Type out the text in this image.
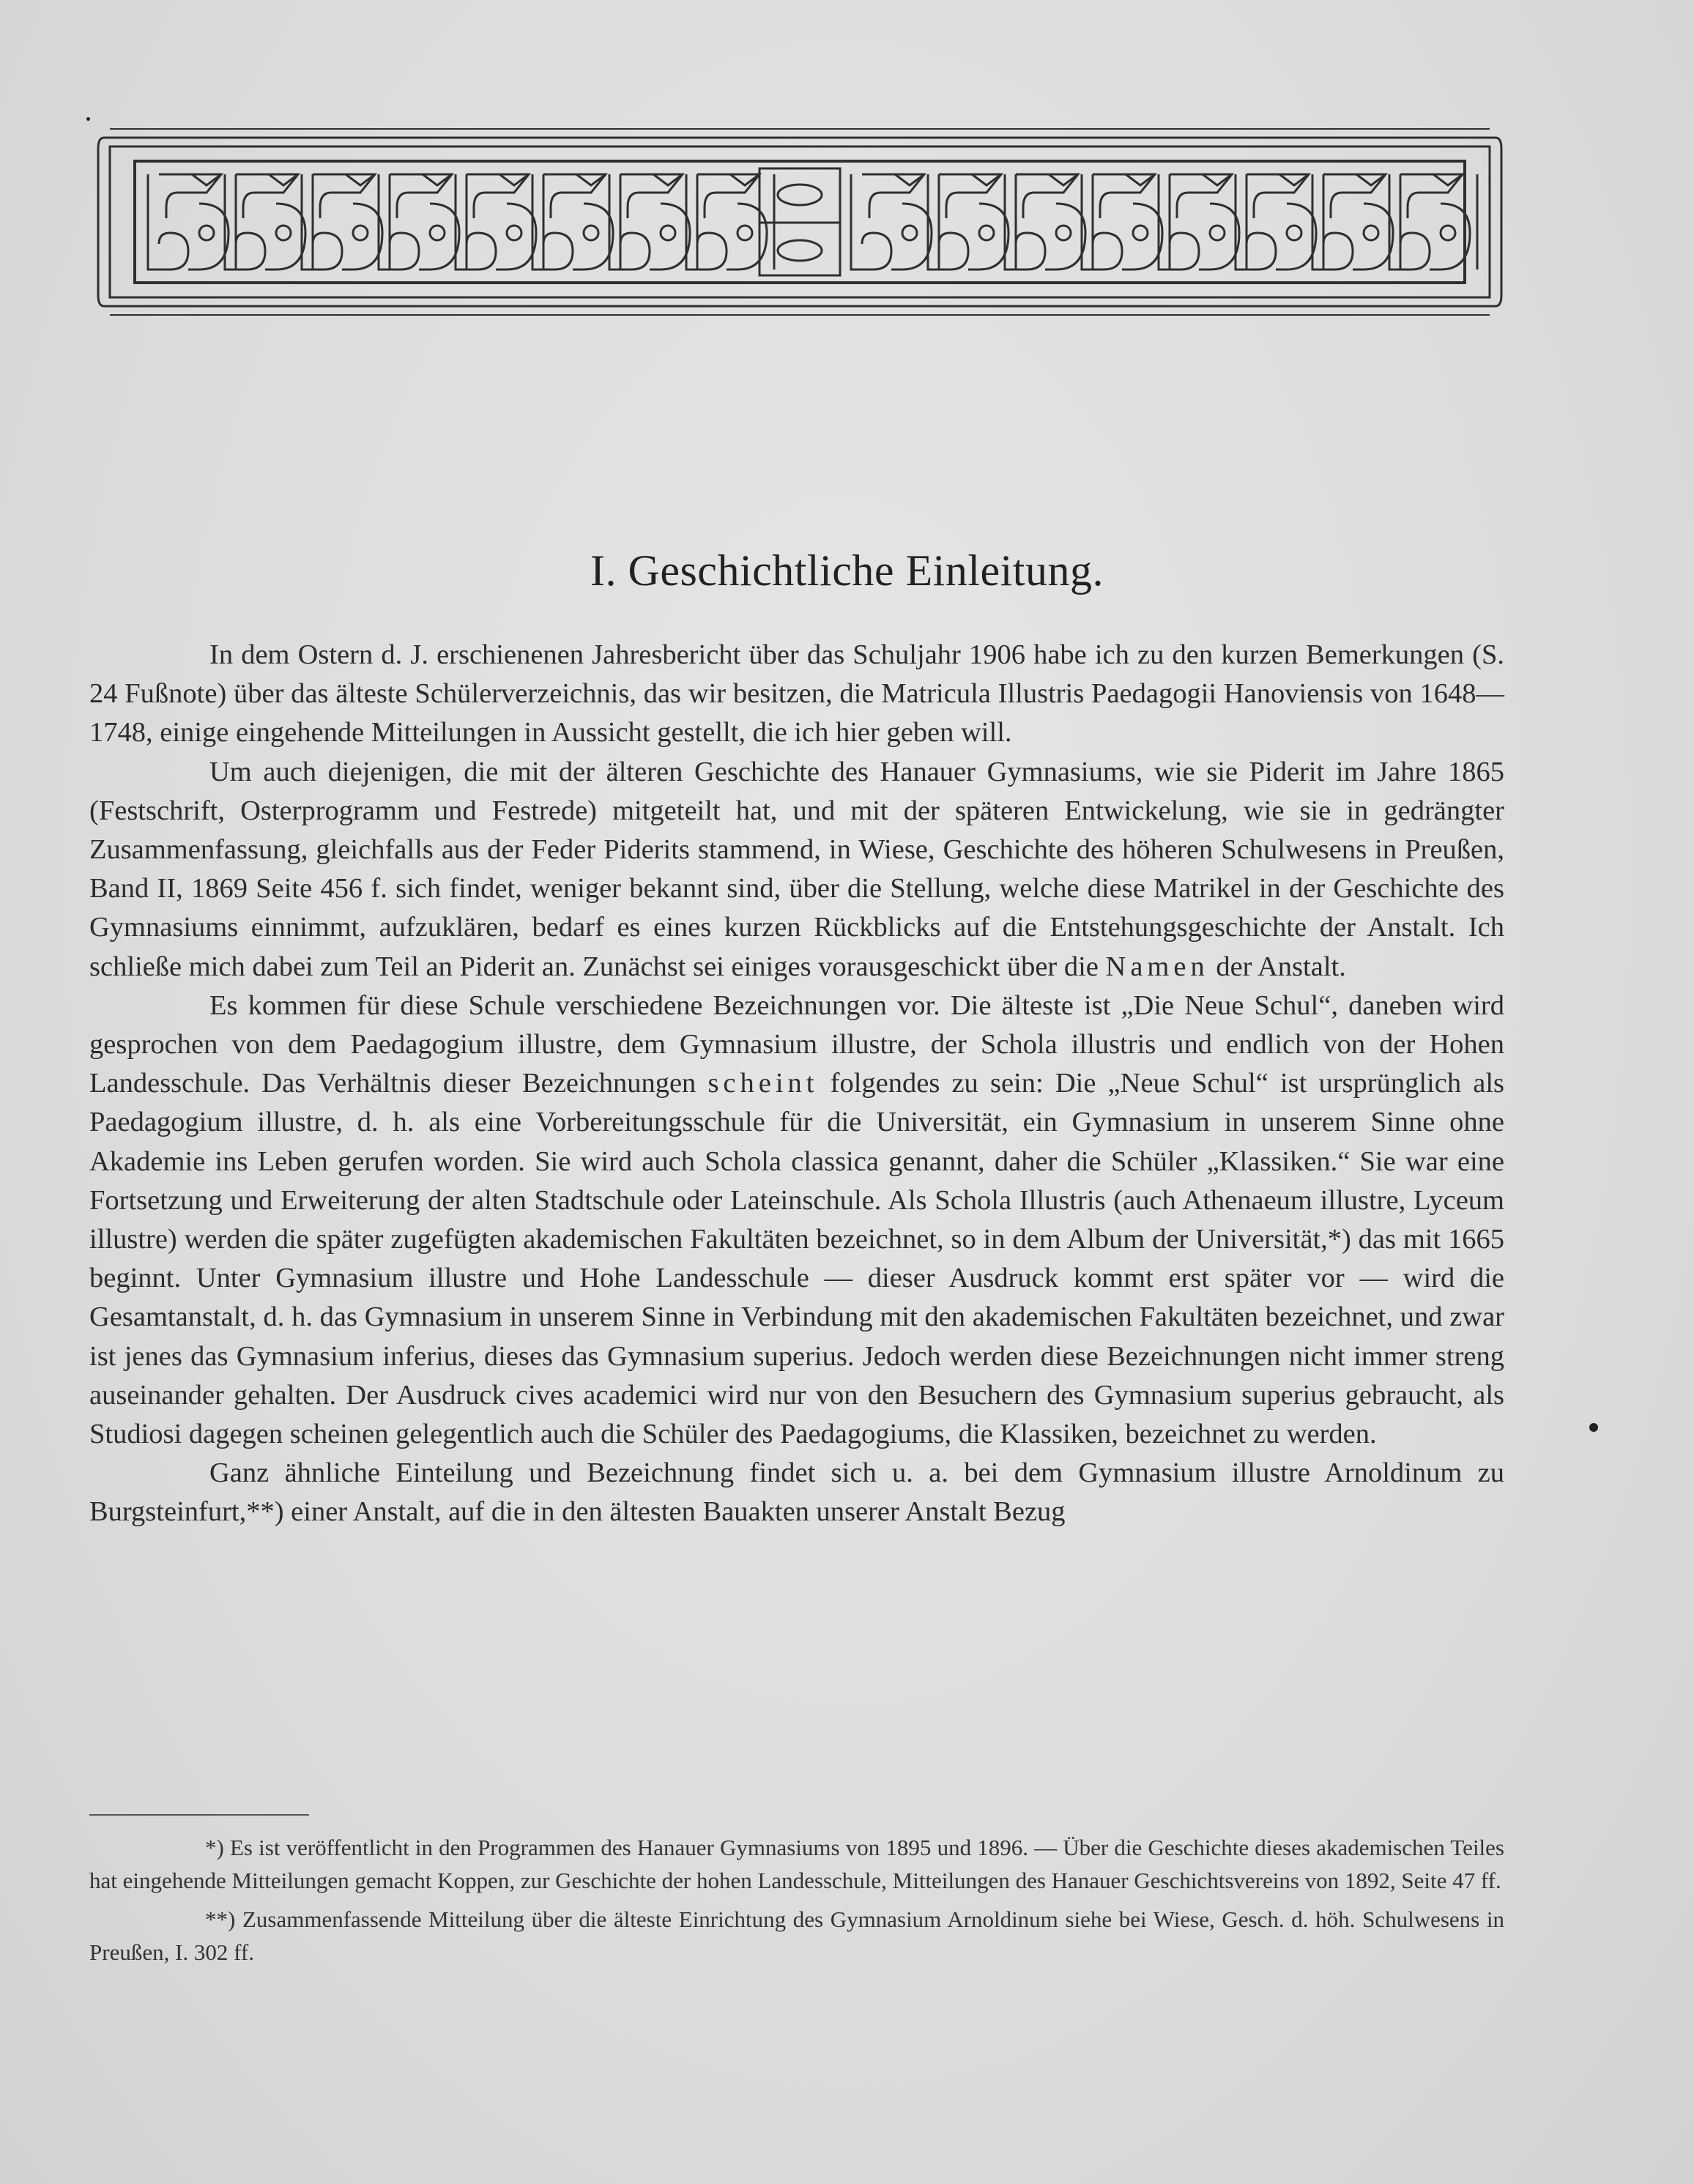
I. Geschichtliche Einleitung.

In dem Ostern d. J. erschienenen Jahresbericht über das Schuljahr 1906 habe ich zu den kurzen Bemerkungen (S. 24 Fußnote) über das älteste Schülerverzeichnis, das wir besitzen, die Matricula Illustris Paedagogii Hanoviensis von 1648—1748, einige eingehende Mitteilungen in Aussicht gestellt, die ich hier geben will.

Um auch diejenigen, die mit der älteren Geschichte des Hanauer Gymnasiums, wie sie Piderit im Jahre 1865 (Festschrift, Osterprogramm und Festrede) mitgeteilt hat, und mit der späteren Entwickelung, wie sie in gedrängter Zusammenfassung, gleichfalls aus der Feder Piderits stammend, in Wiese, Geschichte des höheren Schulwesens in Preußen, Band II, 1869 Seite 456 f. sich findet, weniger bekannt sind, über die Stellung, welche diese Matrikel in der Geschichte des Gymnasiums einnimmt, aufzuklären, bedarf es eines kurzen Rückblicks auf die Entstehungsgeschichte der Anstalt. Ich schließe mich dabei zum Teil an Piderit an. Zunächst sei einiges vorausgeschickt über die Namen der Anstalt.

Es kommen für diese Schule verschiedene Bezeichnungen vor. Die älteste ist „Die Neue Schul“, daneben wird gesprochen von dem Paedagogium illustre, dem Gymnasium illustre, der Schola illustris und endlich von der Hohen Landesschule. Das Verhältnis dieser Bezeichnungen scheint folgendes zu sein: Die „Neue Schul“ ist ursprünglich als Paedagogium illustre, d. h. als eine Vorbereitungsschule für die Universität, ein Gymnasium in unserem Sinne ohne Akademie ins Leben gerufen worden. Sie wird auch Schola classica genannt, daher die Schüler „Klassiken.“ Sie war eine Fortsetzung und Erweiterung der alten Stadtschule oder Lateinschule. Als Schola Illustris (auch Athenaeum illustre, Lyceum illustre) werden die später zugefügten akademischen Fakultäten bezeichnet, so in dem Album der Universität,*) das mit 1665 beginnt. Unter Gymnasium illustre und Hohe Landesschule — dieser Ausdruck kommt erst später vor — wird die Gesamtanstalt, d. h. das Gymnasium in unserem Sinne in Verbindung mit den akademischen Fakultäten bezeichnet, und zwar ist jenes das Gymnasium inferius, dieses das Gymnasium superius. Jedoch werden diese Bezeichnungen nicht immer streng auseinander gehalten. Der Ausdruck cives academici wird nur von den Besuchern des Gymnasium superius gebraucht, als Studiosi dagegen scheinen gelegentlich auch die Schüler des Paedagogiums, die Klassiken, bezeichnet zu werden.

Ganz ähnliche Einteilung und Bezeichnung findet sich u. a. bei dem Gymnasium illustre Arnoldinum zu Burgsteinfurt,**) einer Anstalt, auf die in den ältesten Bauakten unserer Anstalt Bezug

*) Es ist veröffentlicht in den Programmen des Hanauer Gymnasiums von 1895 und 1896. — Über die Geschichte dieses akademischen Teiles hat eingehende Mitteilungen gemacht Koppen, zur Geschichte der hohen Landesschule, Mitteilungen des Hanauer Geschichtsvereins von 1892, Seite 47 ff.

**) Zusammenfassende Mitteilung über die älteste Einrichtung des Gymnasium Arnoldinum siehe bei Wiese, Gesch. d. höh. Schulwesens in Preußen, I. 302 ff.
